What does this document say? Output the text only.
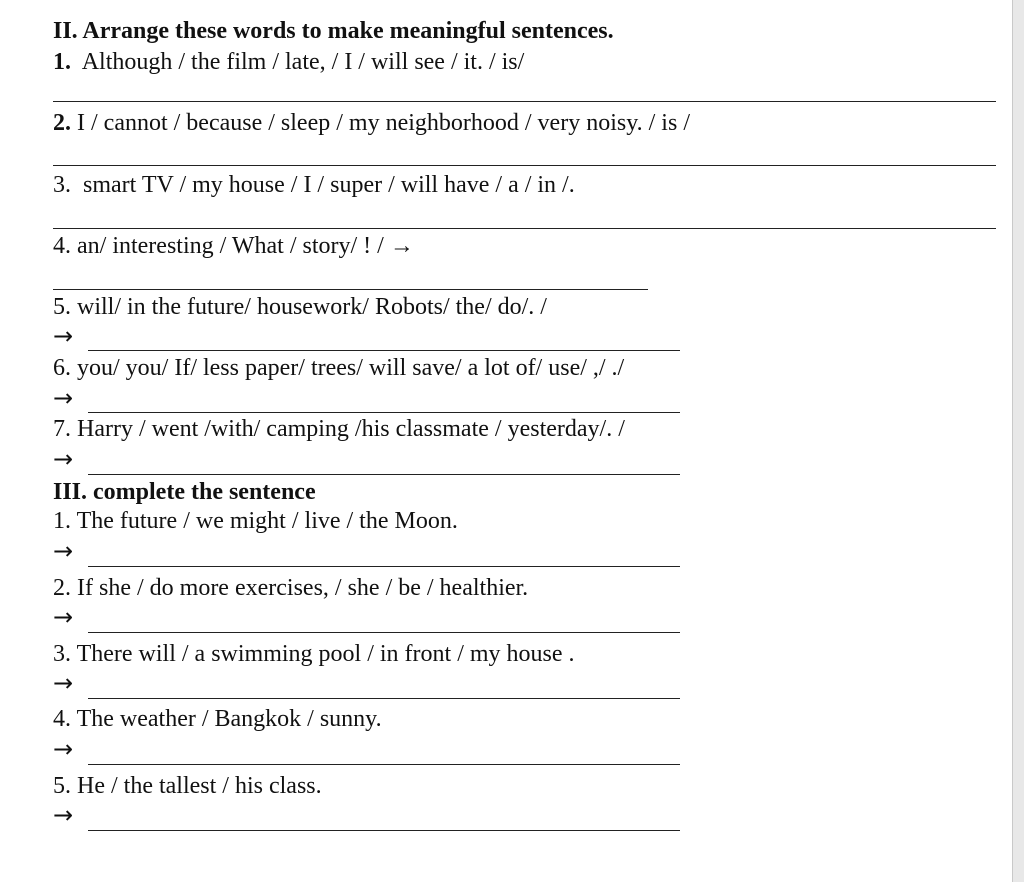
II. Arrange these words to make meaningful sentences.
1. Although / the film / late, / I / will see / it. / is/
2. I / cannot / because / sleep / my neighborhood / very noisy. / is /
3. smart TV / my house / I / super / will have / a / in /.
4. an/ interesting / What / story/ ! / →
5. will/ in the future/ housework/ Robots/ the/ do/. /
→
6. you/ you/ If/ less paper/ trees/ will save/ a lot of/ use/ ,/ ./
→
7. Harry / went /with/ camping /his classmate / yesterday/. /
→
III. complete the sentence
1. The future / we might / live / the Moon.
→
2. If she / do more exercises, / she / be / healthier.
→
3. There will / a swimming pool / in front / my house .
→
4. The weather / Bangkok / sunny.
→
5. He / the tallest / his class.
→
